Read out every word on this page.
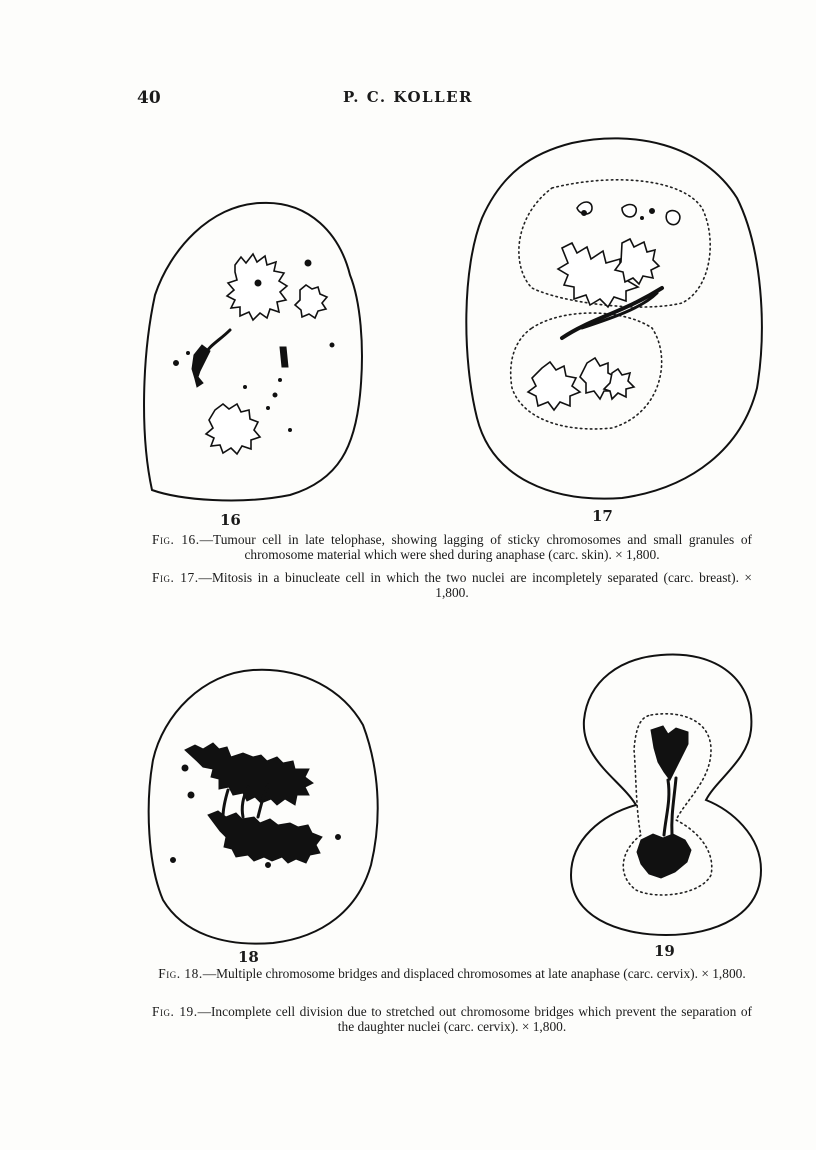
40	P. C. KOLLER
16	17
Fig. 16.—Tumour cell in late telophase, showing lagging of sticky chromosomes and small granules of chromosome material which were shed during anaphase (carc. skin). × 1,800.
Fig. 17.—Mitosis in a binucleate cell in which the two nuclei are incompletely separated (carc. breast). × 1,800.
18	19
Fig. 18.—Multiple chromosome bridges and displaced chromosomes at late anaphase (carc. cervix). × 1,800.
Fig. 19.—Incomplete cell division due to stretched out chromosome bridges which prevent the separation of the daughter nuclei (carc. cervix). × 1,800.
